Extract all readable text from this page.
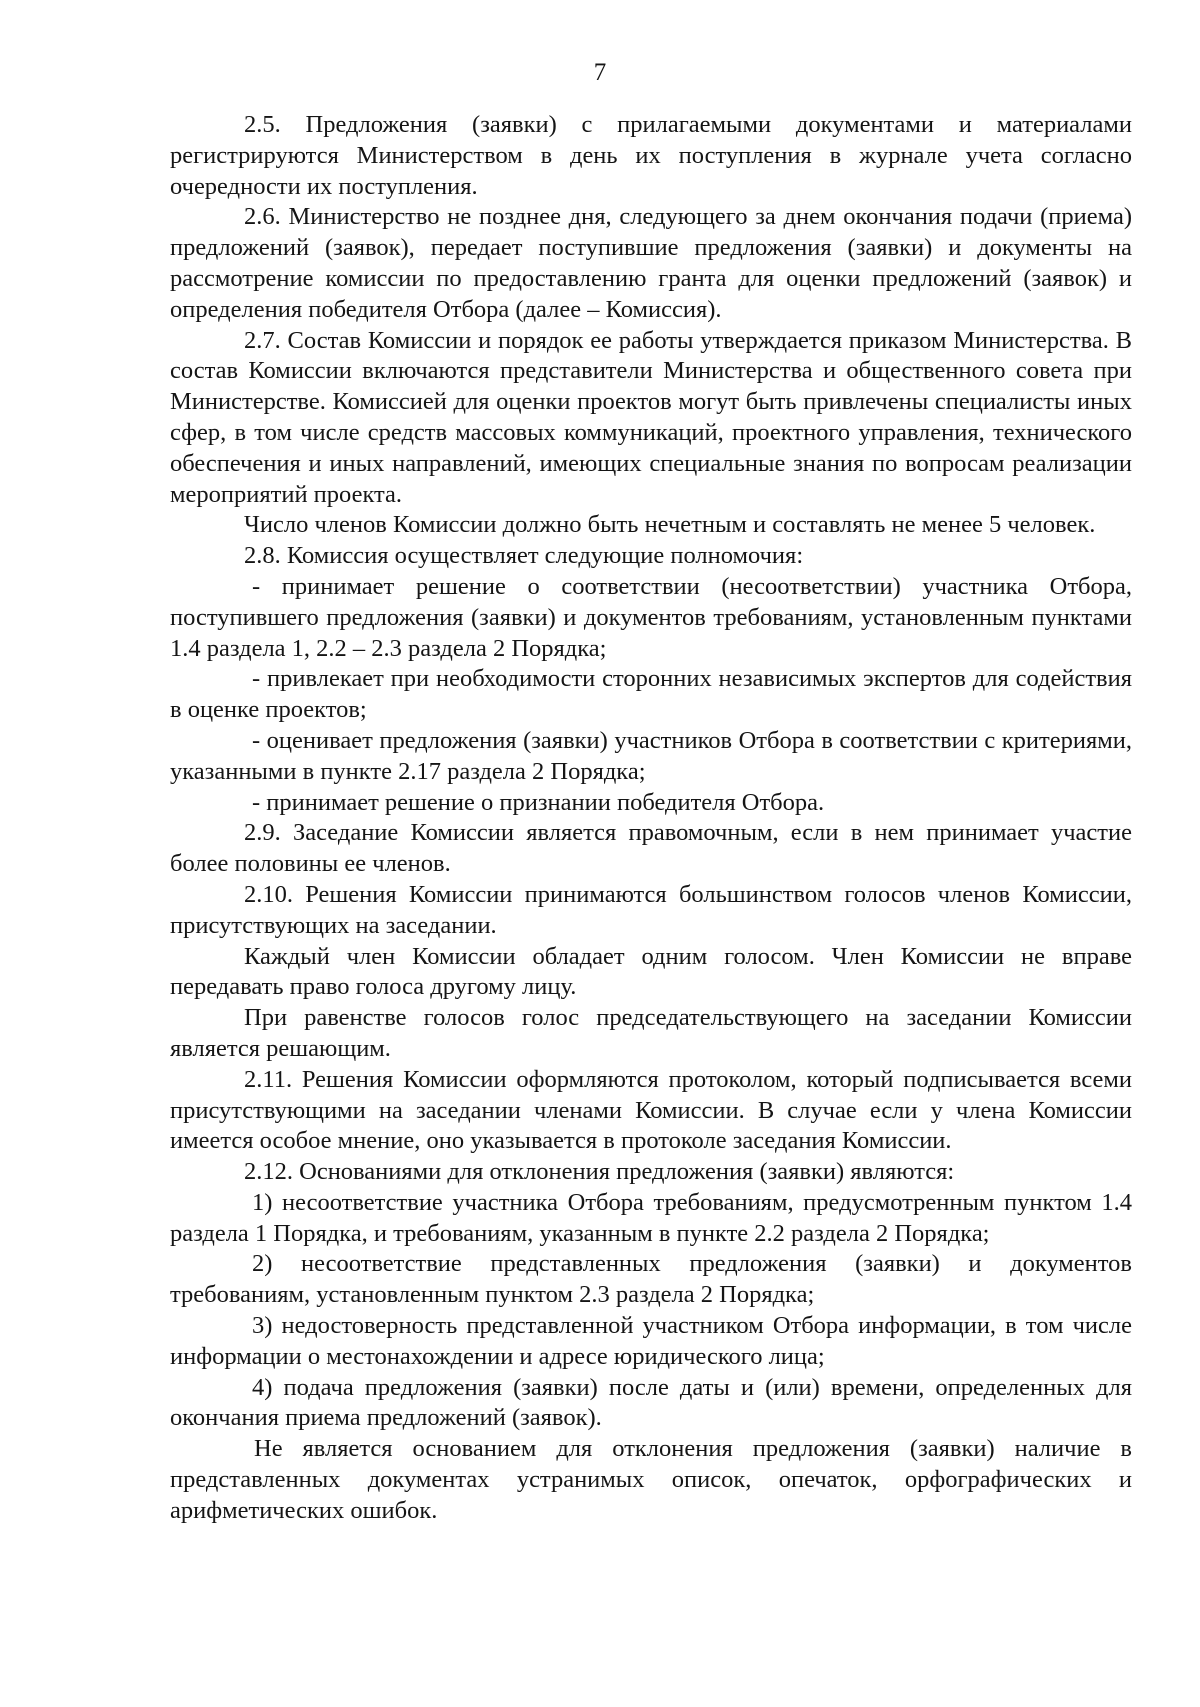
7

2.5. Предложения (заявки) с прилагаемыми документами и материалами регистрируются Министерством в день их поступления в журнале учета согласно очередности их поступления.

2.6. Министерство не позднее дня, следующего за днем окончания подачи (приема) предложений (заявок), передает поступившие предложения (заявки) и документы на рассмотрение комиссии по предоставлению гранта для оценки предложений (заявок) и определения победителя Отбора (далее – Комиссия).

2.7. Состав Комиссии и порядок ее работы утверждается приказом Министерства. В состав Комиссии включаются представители Министерства и общественного совета при Министерстве. Комиссией для оценки проектов могут быть привлечены специалисты иных сфер, в том числе средств массовых коммуникаций, проектного управления, технического обеспечения и иных направлений, имеющих специальные знания по вопросам реализации мероприятий проекта.

Число членов Комиссии должно быть нечетным и составлять не менее 5 человек.

2.8. Комиссия осуществляет следующие полномочия:

- принимает решение о соответствии (несоответствии) участника Отбора, поступившего предложения (заявки) и документов требованиям, установленным пунктами 1.4 раздела 1, 2.2 – 2.3 раздела 2 Порядка;

- привлекает при необходимости сторонних независимых экспертов для содействия в оценке проектов;

- оценивает предложения (заявки) участников Отбора в соответствии с критериями, указанными в пункте 2.17 раздела 2 Порядка;

- принимает решение о признании победителя Отбора.

2.9. Заседание Комиссии является правомочным, если в нем принимает участие более половины ее членов.

2.10. Решения Комиссии принимаются большинством голосов членов Комиссии, присутствующих на заседании.

Каждый член Комиссии обладает одним голосом. Член Комиссии не вправе передавать право голоса другому лицу.

При равенстве голосов голос председательствующего на заседании Комиссии является решающим.

2.11. Решения Комиссии оформляются протоколом, который подписывается всеми присутствующими на заседании членами Комиссии. В случае если у члена Комиссии имеется особое мнение, оно указывается в протоколе заседания Комиссии.

2.12. Основаниями для отклонения предложения (заявки) являются:

1) несоответствие участника Отбора требованиям, предусмотренным пунктом 1.4 раздела 1 Порядка, и требованиям, указанным в пункте 2.2 раздела 2 Порядка;

2) несоответствие представленных предложения (заявки) и документов требованиям, установленным пунктом 2.3 раздела 2 Порядка;

3) недостоверность представленной участником Отбора информации, в том числе информации о местонахождении и адресе юридического лица;

4) подача предложения (заявки) после даты и (или) времени, определенных для окончания приема предложений (заявок).

Не является основанием для отклонения предложения (заявки) наличие в представленных документах устранимых описок, опечаток, орфографических и арифметических ошибок.
